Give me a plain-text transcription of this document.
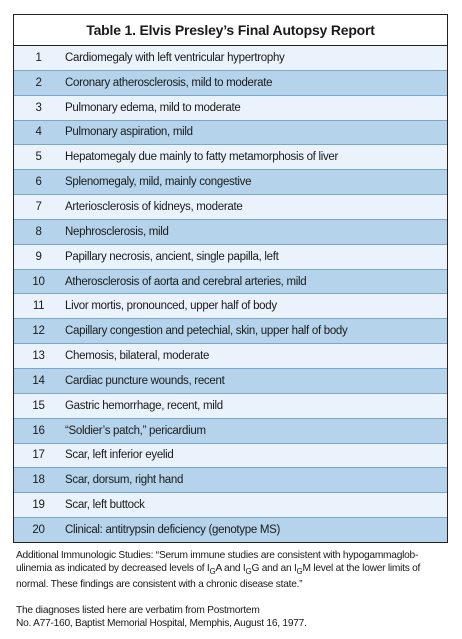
Table 1. Elvis Presley’s Final Autopsy Report
1	Cardiomegaly with left ventricular hypertrophy
2	Coronary atherosclerosis, mild to moderate
3	Pulmonary edema, mild to moderate
4	Pulmonary aspiration, mild
5	Hepatomegaly due mainly to fatty metamorphosis of liver
6	Splenomegaly, mild, mainly congestive
7	Arteriosclerosis of kidneys, moderate
8	Nephrosclerosis, mild
9	Papillary necrosis, ancient, single papilla, left
10	Atherosclerosis of aorta and cerebral arteries, mild
11	Livor mortis, pronounced, upper half of body
12	Capillary congestion and petechial, skin, upper half of body
13	Chemosis, bilateral, moderate
14	Cardiac puncture wounds, recent
15	Gastric hemorrhage, recent, mild
16	“Soldier’s patch,” pericardium
17	Scar, left inferior eyelid
18	Scar, dorsum, right hand
19	Scar, left buttock
20	Clinical: antitrypsin deficiency (genotype MS)

Additional Immunologic Studies: “Serum immune studies are consistent with hypogammaglob-

ulinemia as indicated by decreased levels of $I_GA$ and $I_GG$ and an $I_GM$ level at the lower limits of

normal. These findings are consistent with a chronic disease state.”

The diagnoses listed here are verbatim from Postmortem

No. A77-160, Baptist Memorial Hospital, Memphis, August 16, 1977.
